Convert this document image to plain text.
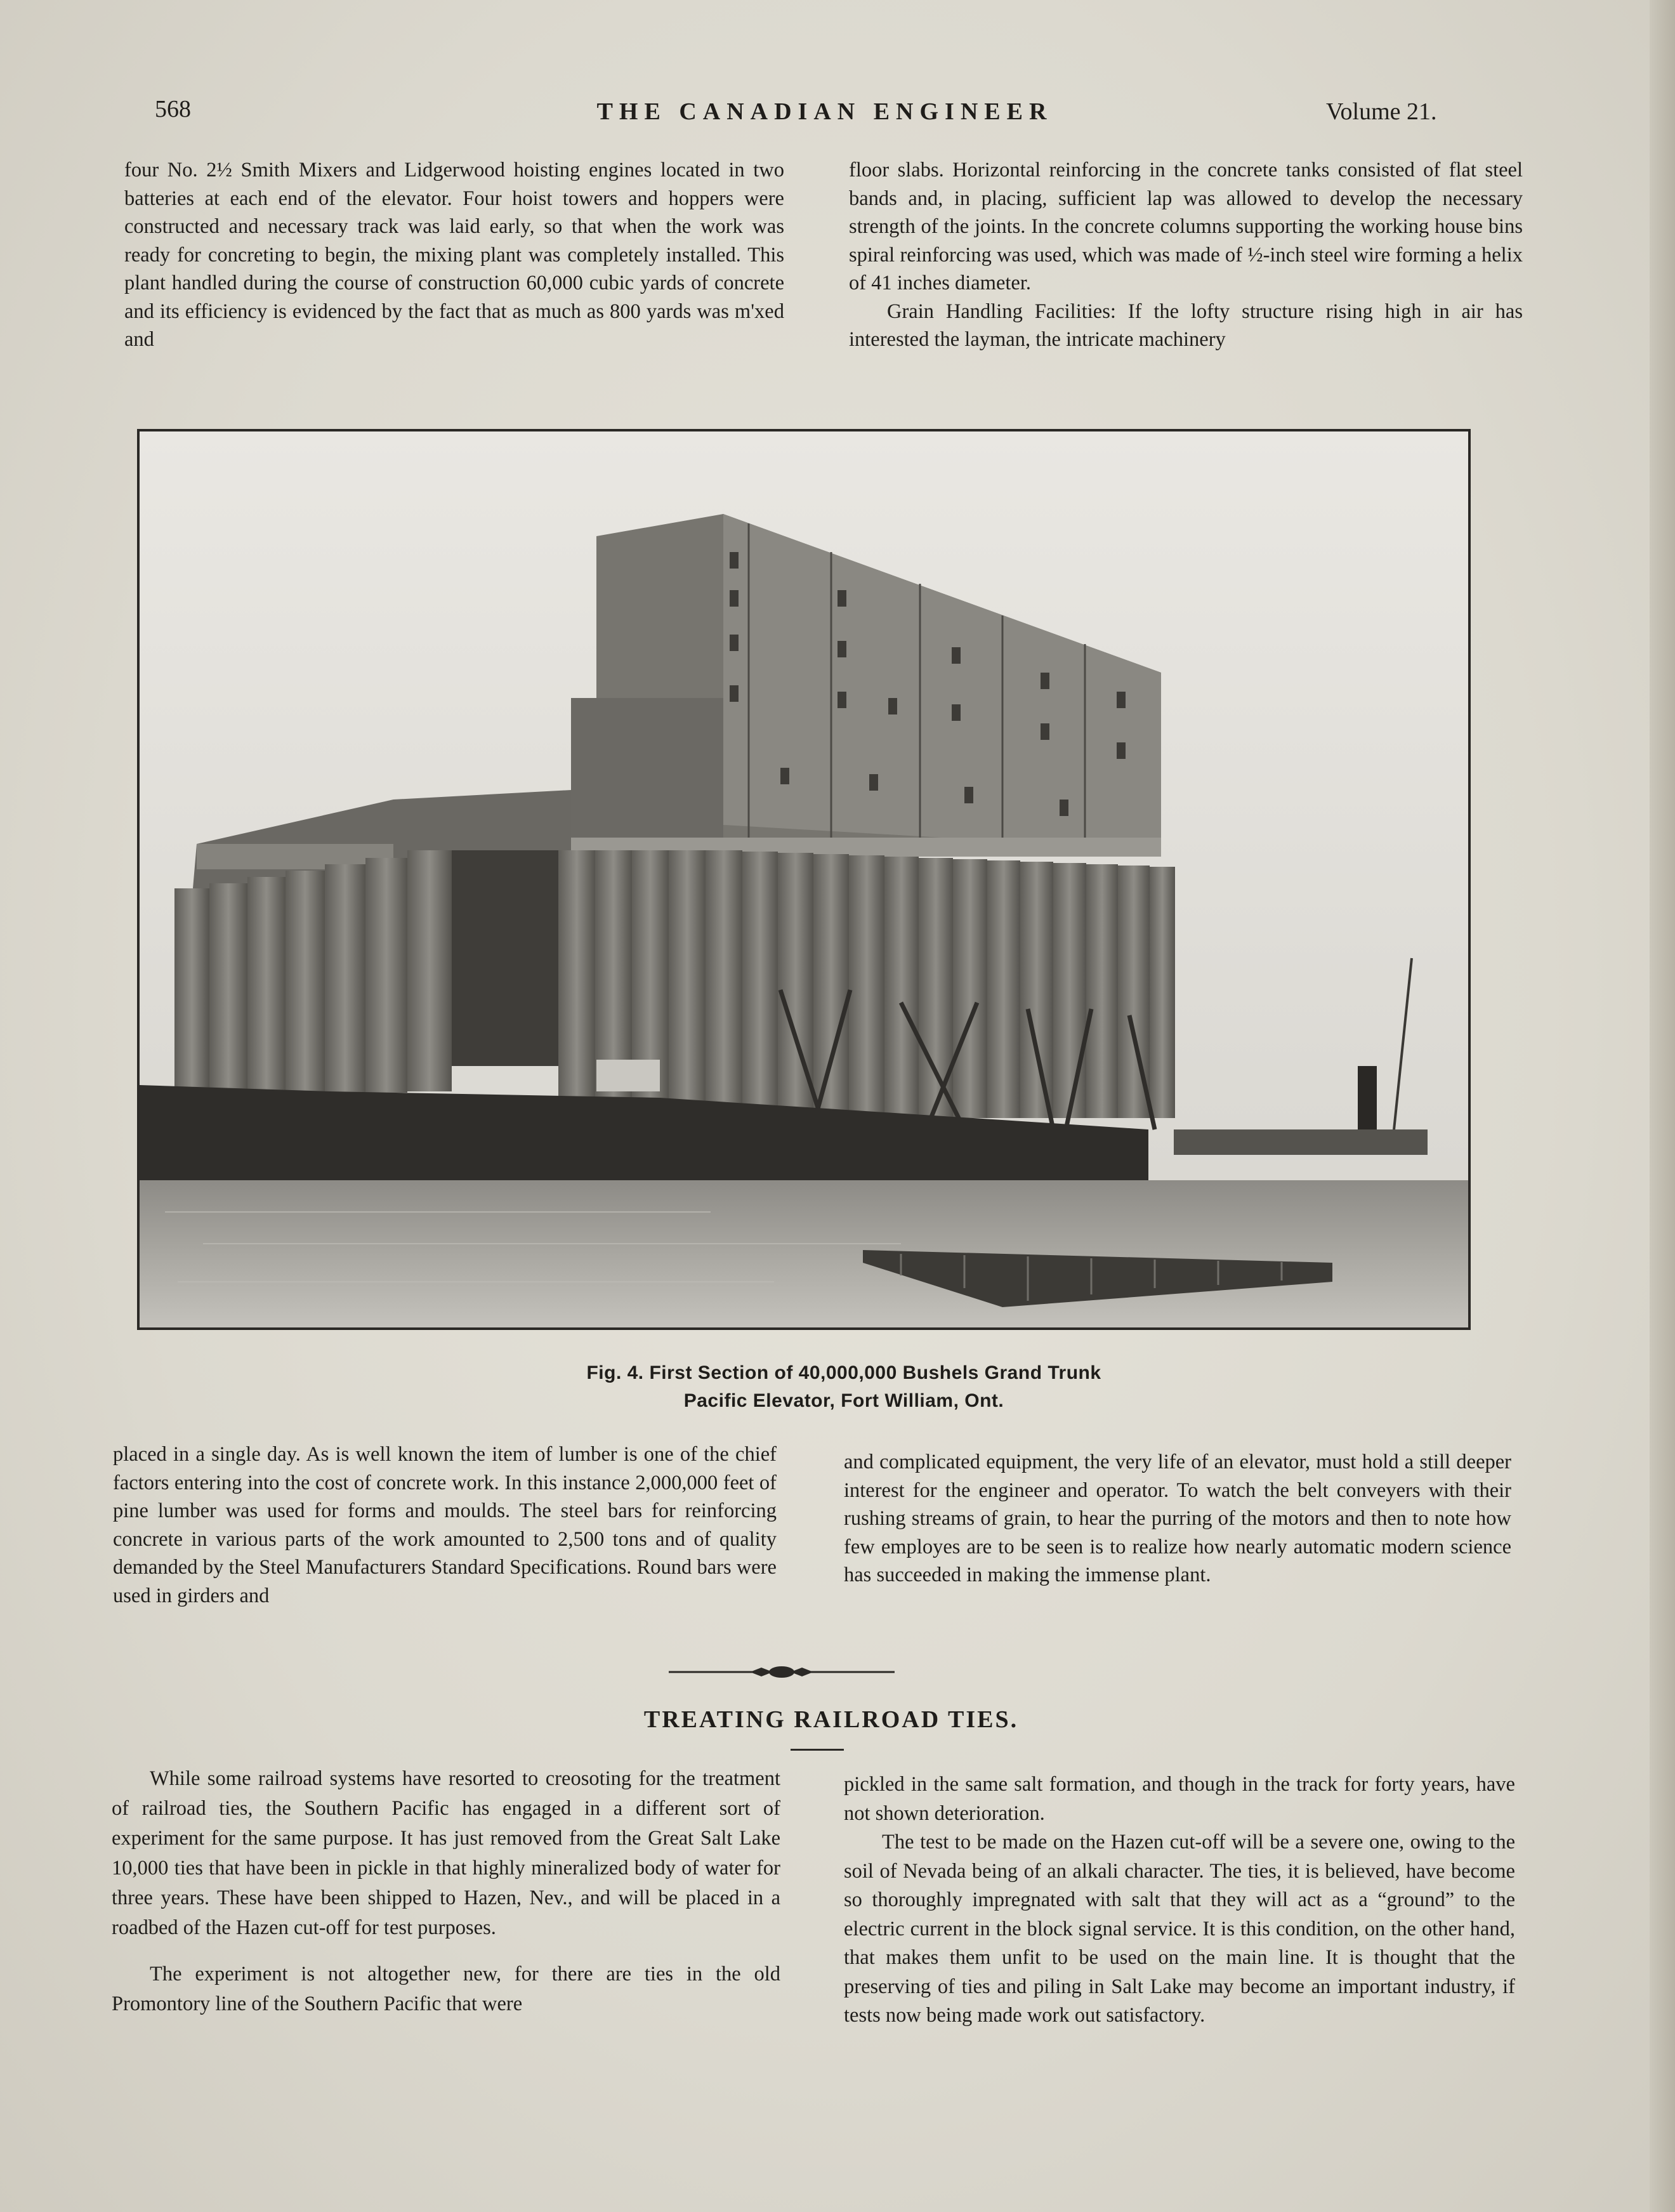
568	THE CANADIAN ENGINEER	Volume 21.

four No. 2½ Smith Mixers and Lidgerwood hoisting engines located in two batteries at each end of the elevator. Four hoist towers and hoppers were constructed and necessary track was laid early, so that when the work was ready for concreting to begin, the mixing plant was completely installed. This plant handled during the course of construction 60,000 cubic yards of concrete and its efficiency is evidenced by the fact that as much as 800 yards was m'xed and

floor slabs. Horizontal reinforcing in the concrete tanks consisted of flat steel bands and, in placing, sufficient lap was allowed to develop the necessary strength of the joints. In the concrete columns supporting the working house bins spiral reinforcing was used, which was made of ½-inch steel wire forming a helix of 41 inches diameter.

Grain Handling Facilities: If the lofty structure rising high in air has interested the layman, the intricate machinery

Fig. 4. First Section of 40,000,000 Bushels Grand Trunk
Pacific Elevator, Fort William, Ont.

placed in a single day. As is well known the item of lumber is one of the chief factors entering into the cost of concrete work. In this instance 2,000,000 feet of pine lumber was used for forms and moulds. The steel bars for reinforcing concrete in various parts of the work amounted to 2,500 tons and of quality demanded by the Steel Manufacturers Standard Specifications. Round bars were used in girders and

and complicated equipment, the very life of an elevator, must hold a still deeper interest for the engineer and operator. To watch the belt conveyers with their rushing streams of grain, to hear the purring of the motors and then to note how few employes are to be seen is to realize how nearly automatic modern science has succeeded in making the immense plant.

TREATING RAILROAD TIES.

While some railroad systems have resorted to creosoting for the treatment of railroad ties, the Southern Pacific has engaged in a different sort of experiment for the same purpose. It has just removed from the Great Salt Lake 10,000 ties that have been in pickle in that highly mineralized body of water for three years. These have been shipped to Hazen, Nev., and will be placed in a roadbed of the Hazen cut-off for test purposes.

The experiment is not altogether new, for there are ties in the old Promontory line of the Southern Pacific that were

pickled in the same salt formation, and though in the track for forty years, have not shown deterioration.

The test to be made on the Hazen cut-off will be a severe one, owing to the soil of Nevada being of an alkali character. The ties, it is believed, have become so thoroughly impregnated with salt that they will act as a “ground” to the electric current in the block signal service. It is this condition, on the other hand, that makes them unfit to be used on the main line. It is thought that the preserving of ties and piling in Salt Lake may become an important industry, if tests now being made work out satisfactory.
